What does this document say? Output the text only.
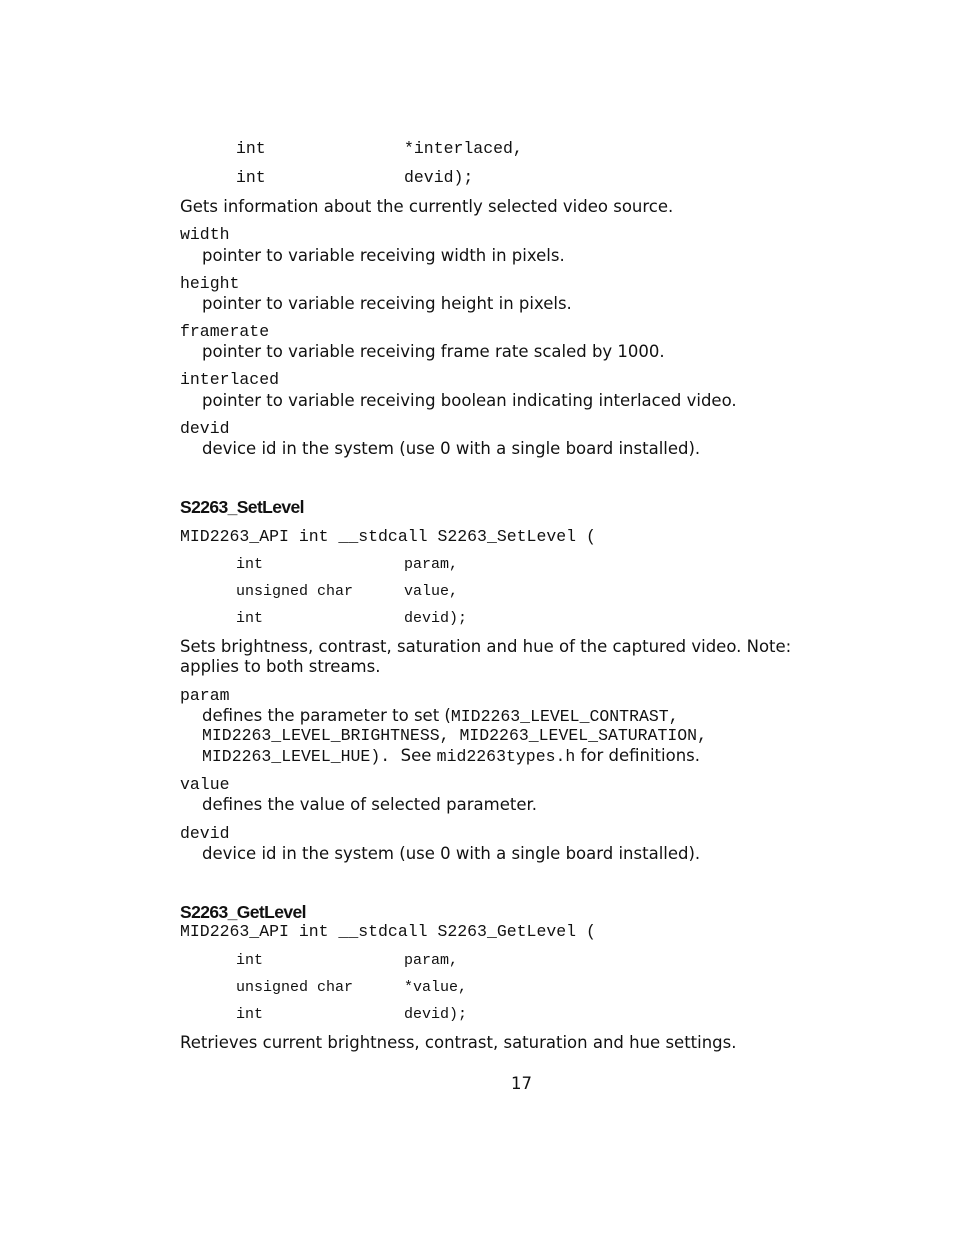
int	*interlaced,
int	devid);
Gets information about the currently selected video source.
width
pointer to variable receiving width in pixels.
height
pointer to variable receiving height in pixels.
framerate
pointer to variable receiving frame rate scaled by 1000.
interlaced
pointer to variable receiving boolean indicating interlaced video.
devid
device id in the system (use 0 with a single board installed).
S2263_SetLevel
MID2263_API int __stdcall S2263_SetLevel (
int	param,
unsigned char	value,
int	devid);
Sets brightness, contrast, saturation and hue of the captured video. Note:
applies to both streams.
param
defines the parameter to set (MID2263_LEVEL_CONTRAST,
MID2263_LEVEL_BRIGHTNESS, MID2263_LEVEL_SATURATION,
MID2263_LEVEL_HUE). See mid2263types.h for definitions.
value
defines the value of selected parameter.
devid
device id in the system (use 0 with a single board installed).
S2263_GetLevel
MID2263_API int __stdcall S2263_GetLevel (
int	param,
unsigned char	*value,
int	devid);
Retrieves current brightness, contrast, saturation and hue settings.
17
